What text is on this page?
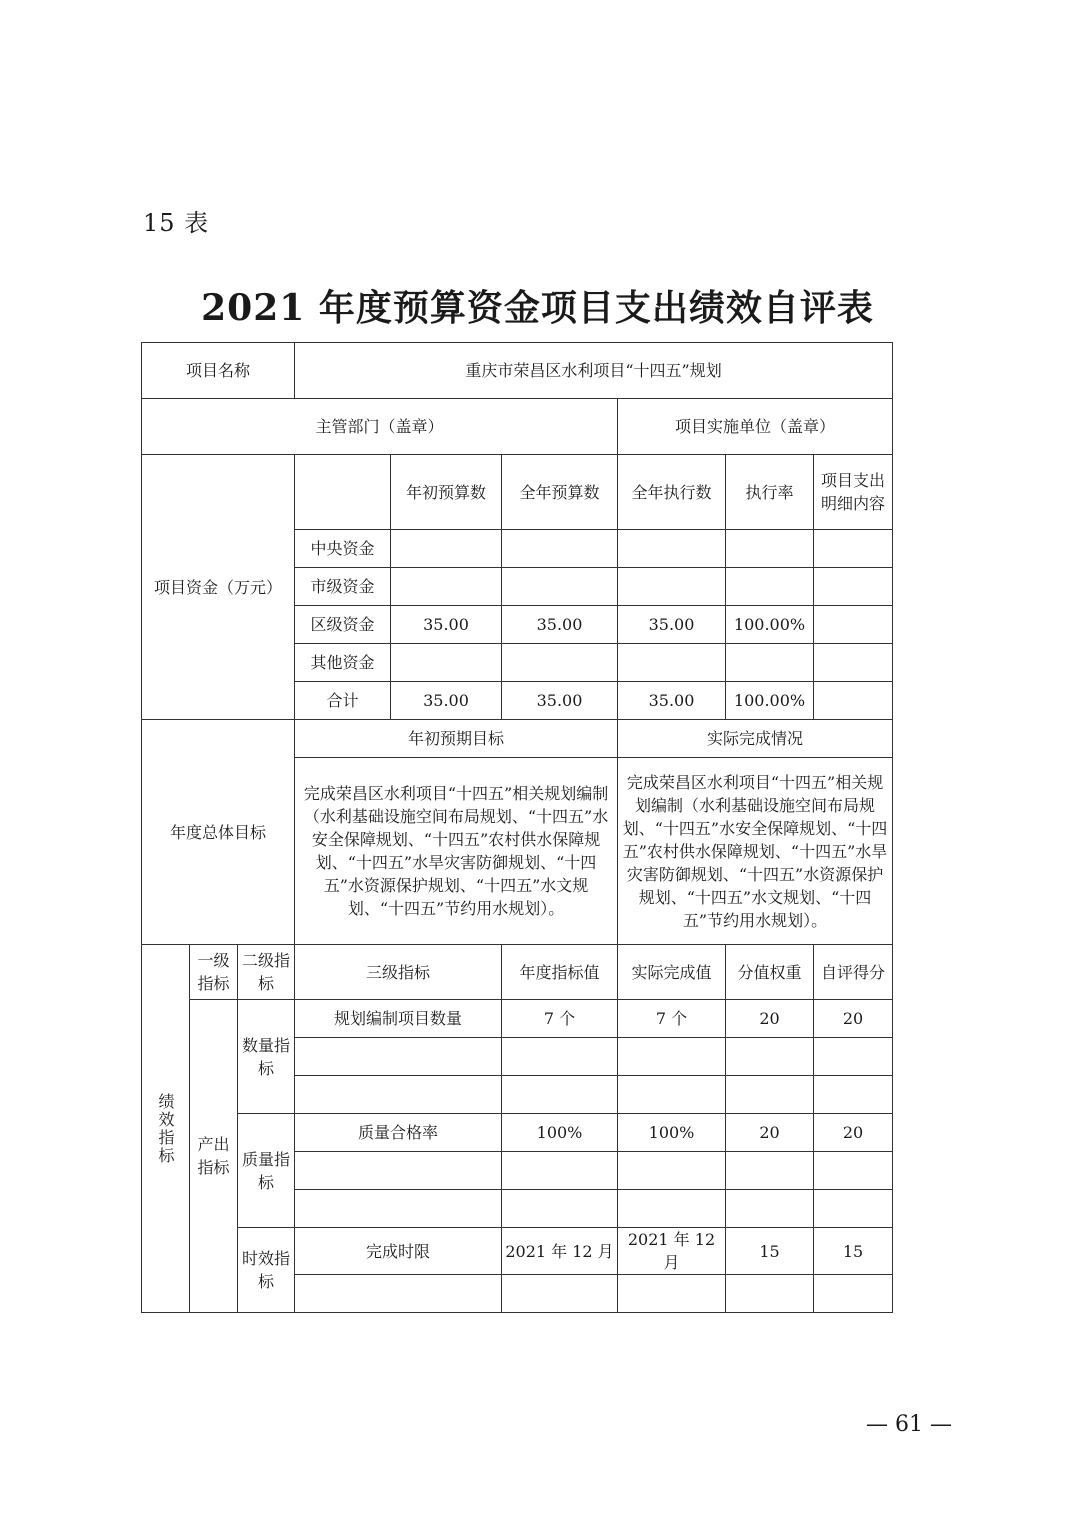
15 表
2021 年度预算资金项目支出绩效自评表
项目名称			重庆市荣昌区水利项目“十四五”规划					
主管部门（盖章）						项目实施单位（盖章）		
项目资金（万元）				年初预算数	全年预算数	全年执行数	执行率	项目支出明细内容
			中央资金					
			市级资金					
			区级资金	35.00	35.00	35.00	100.00%	
			其他资金					
			合计	35.00	35.00	35.00	100.00%	
年度总体目标			年初预期目标			实际完成情况		
			完成荣昌区水利项目“十四五”相关规划编制（水利基础设施空间布局规划、“十四五”水安全保障规划、“十四五”农村供水保障规划、“十四五”水旱灾害防御规划、“十四五”水资源保护规划、“十四五”水文规划、“十四五”节约用水规划）。			完成荣昌区水利项目“十四五”相关规划编制（水利基础设施空间布局规划、“十四五”水安全保障规划、“十四五”农村供水保障规划、“十四五”水旱灾害防御规划、“十四五”水资源保护规划、“十四五”水文规划、“十四五”节约用水规划）。		
绩效指标	一级指标	二级指标	三级指标		年度指标值	实际完成值	分值权重	自评得分
	产出指标	数量指标	规划编制项目数量		7 个	7 个	20	20

		质量指标	质量合格率		100%	100%	20	20

		时效指标	完成时限		2021 年 12 月	2021 年 12 月	15	15

— 61 —
